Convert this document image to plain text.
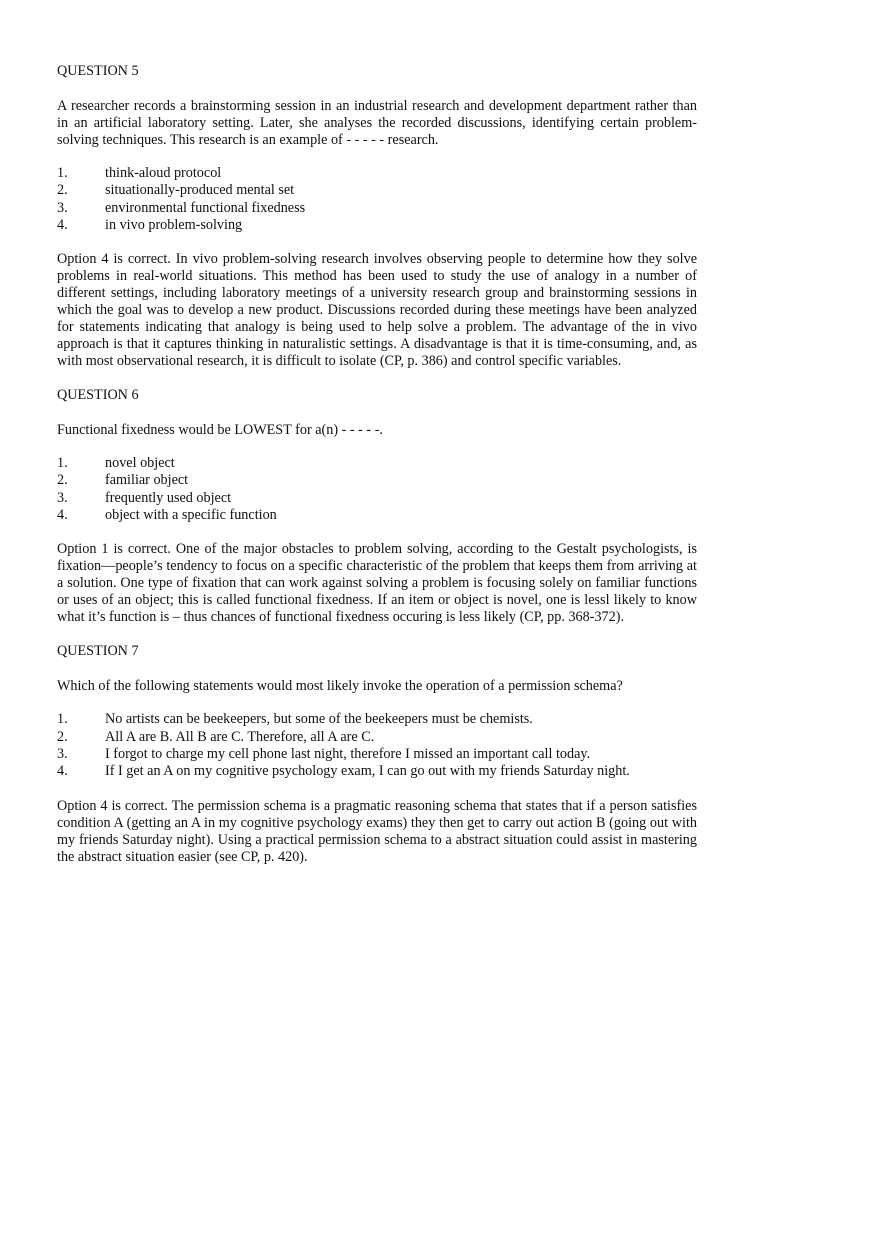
QUESTION 5

A researcher records a brainstorming session in an industrial research and development department rather than in an artificial laboratory setting. Later, she analyses the recorded discussions, identifying certain problem-solving techniques. This research is an example of - - - - - research.

1.	think-aloud protocol
2.	situationally-produced mental set
3.	environmental functional fixedness
4.	in vivo problem-solving

Option 4 is correct. In vivo problem-solving research involves observing people to determine how they solve problems in real-world situations. This method has been used to study the use of analogy in a number of different settings, including laboratory meetings of a university research group and brainstorming sessions in which the goal was to develop a new product. Discussions recorded during these meetings have been analyzed for statements indicating that analogy is being used to help solve a problem. The advantage of the in vivo approach is that it captures thinking in naturalistic settings. A disadvantage is that it is time-consuming, and, as with most observational research, it is difficult to isolate (CP, p. 386) and control specific variables.

QUESTION 6

Functional fixedness would be LOWEST for a(n) - - - - -.

1.	novel object
2.	familiar object
3.	frequently used object
4.	object with a specific function

Option 1 is correct. One of the major obstacles to problem solving, according to the Gestalt psychologists, is fixation—people’s tendency to focus on a specific characteristic of the problem that keeps them from arriving at a solution. One type of fixation that can work against solving a problem is focusing solely on familiar functions or uses of an object; this is called functional fixedness. If an item or object is novel, one is lessl likely to know what it’s function is – thus chances of functional fixedness occuring is less likely (CP, pp. 368-372).

QUESTION 7

Which of the following statements would most likely invoke the operation of a permission schema?

1.	No artists can be beekeepers, but some of the beekeepers must be chemists.
2.	All A are B. All B are C. Therefore, all A are C.
3.	I forgot to charge my cell phone last night, therefore I missed an important call today.
4.	If I get an A on my cognitive psychology exam, I can go out with my friends Saturday night.

Option 4 is correct. The permission schema is a pragmatic reasoning schema that states that if a person satisfies condition A (getting an A in my cognitive psychology exams) they then get to carry out action B (going out with my friends Saturday night). Using a practical permission schema to a abstract situation could assist in mastering the abstract situation easier (see CP, p. 420).
